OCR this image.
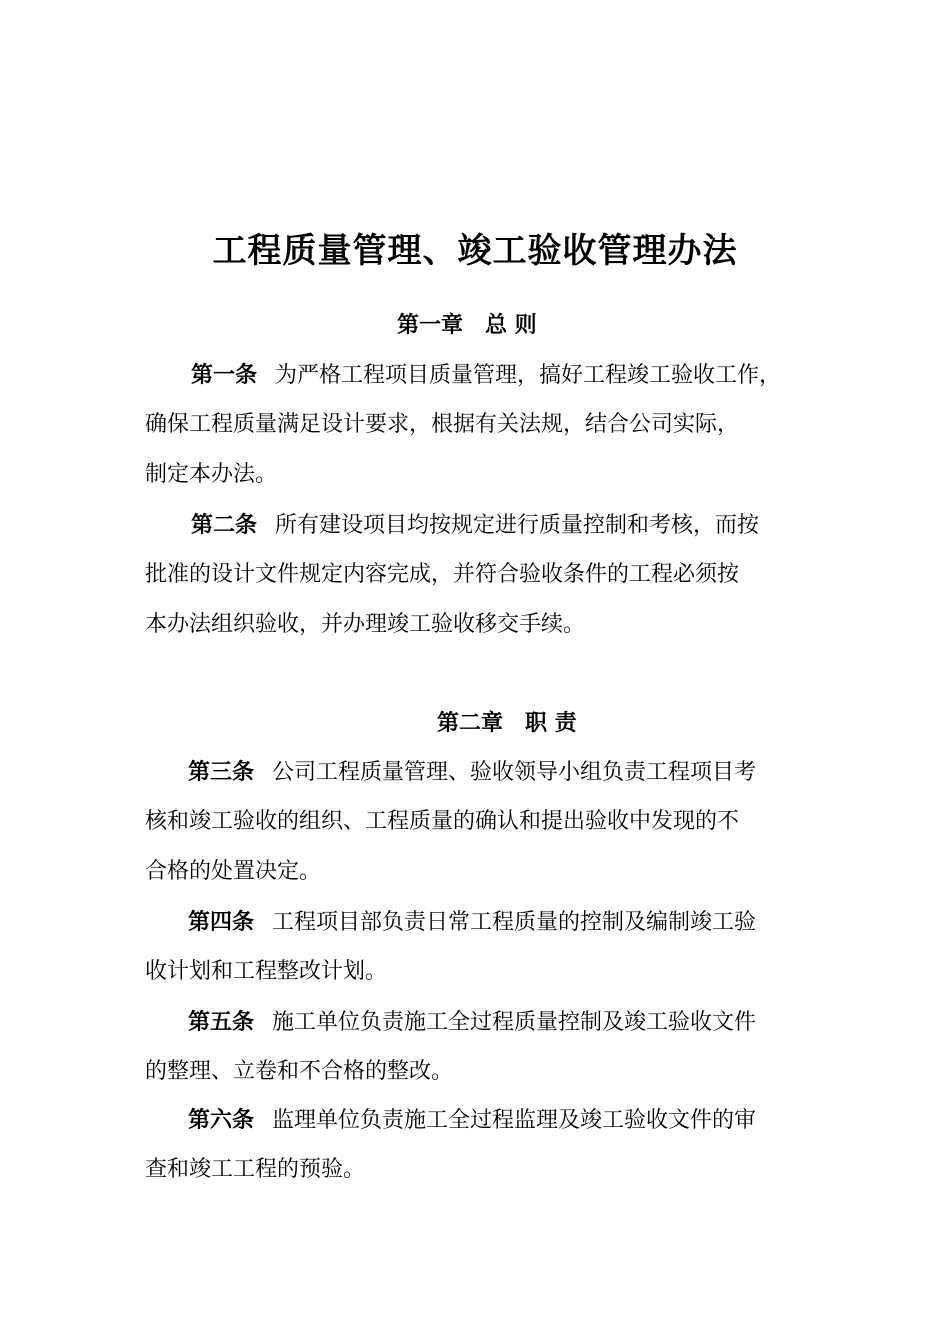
工程质量管理、竣工验收管理办法
第一章　总 则
第一条 为严格工程项目质量管理，搞好工程竣工验收工作，
确保工程质量满足设计要求，根据有关法规，结合公司实际，
制定本办法。
第二条 所有建设项目均按规定进行质量控制和考核，而按
批准的设计文件规定内容完成，并符合验收条件的工程必须按
本办法组织验收，并办理竣工验收移交手续。
第二章　职 责
第三条 公司工程质量管理、验收领导小组负责工程项目考
核和竣工验收的组织、工程质量的确认和提出验收中发现的不
合格的处置决定。
第四条 工程项目部负责日常工程质量的控制及编制竣工验
收计划和工程整改计划。
第五条 施工单位负责施工全过程质量控制及竣工验收文件
的整理、立卷和不合格的整改。
第六条 监理单位负责施工全过程监理及竣工验收文件的审
查和竣工工程的预验。
